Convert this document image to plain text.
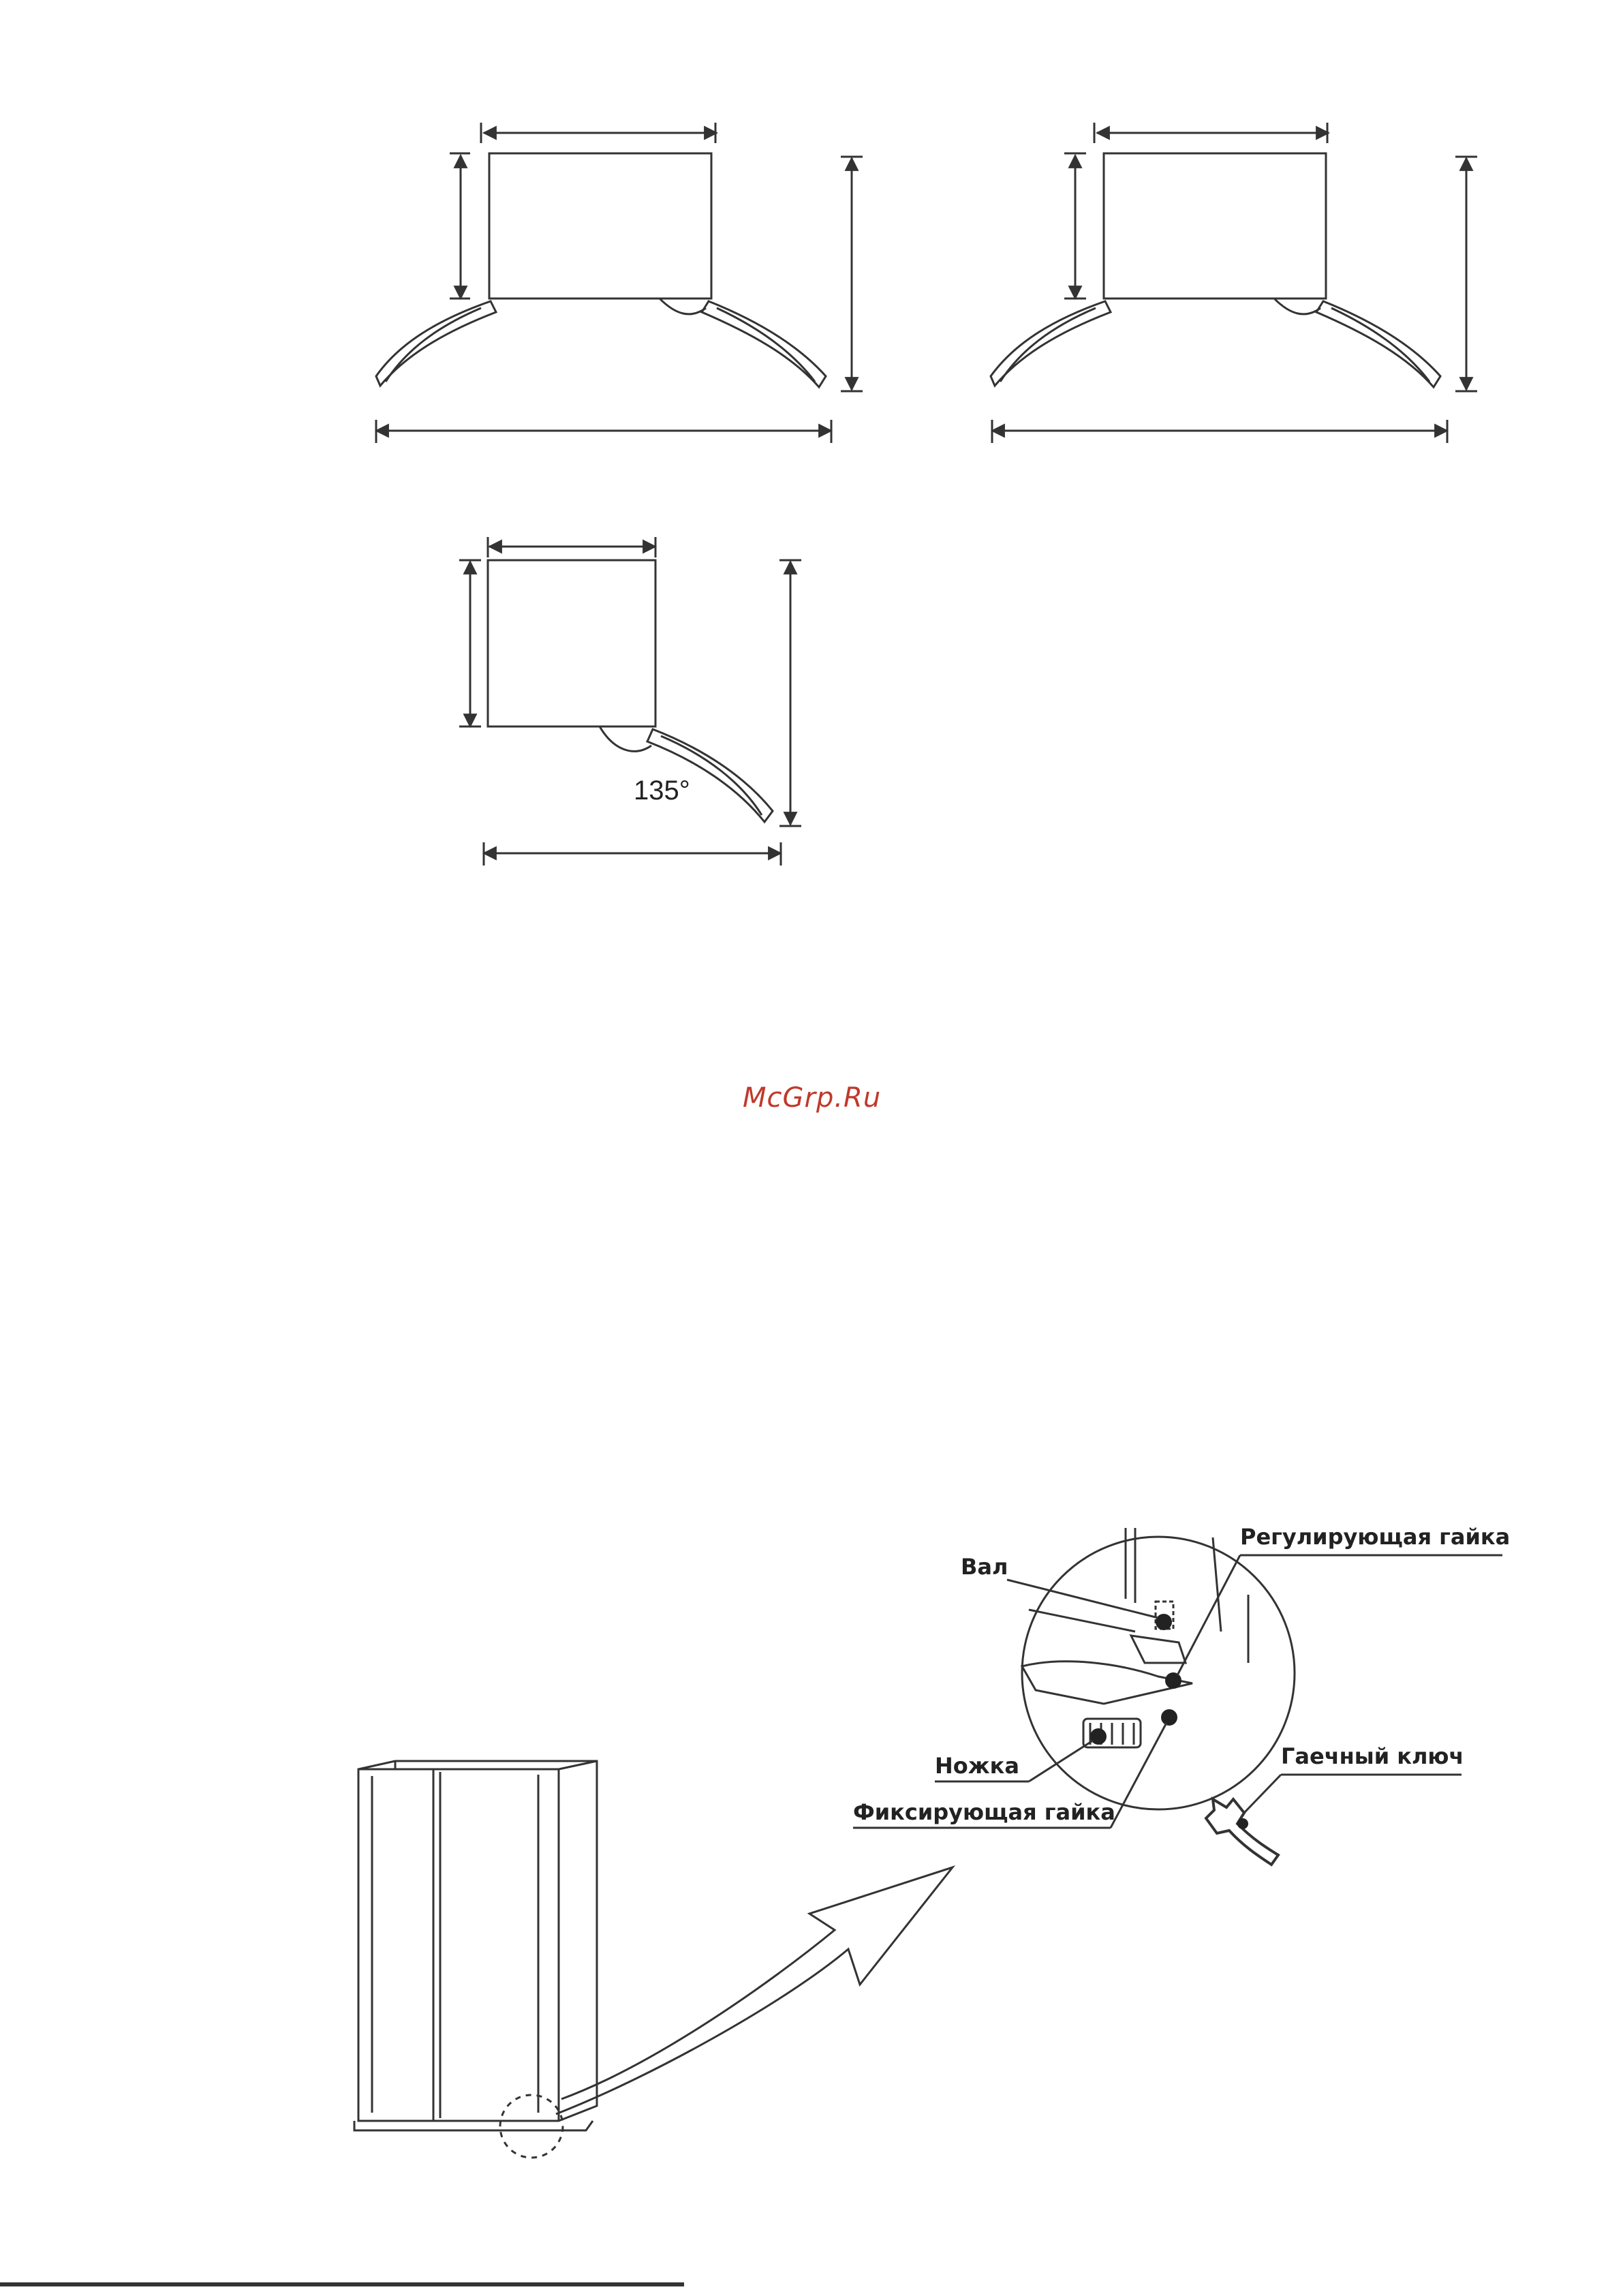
135°
McGrp.Ru
Вал
Регулирующая гайка
Ножка	Гаечный ключ
Фиксирующая гайка
